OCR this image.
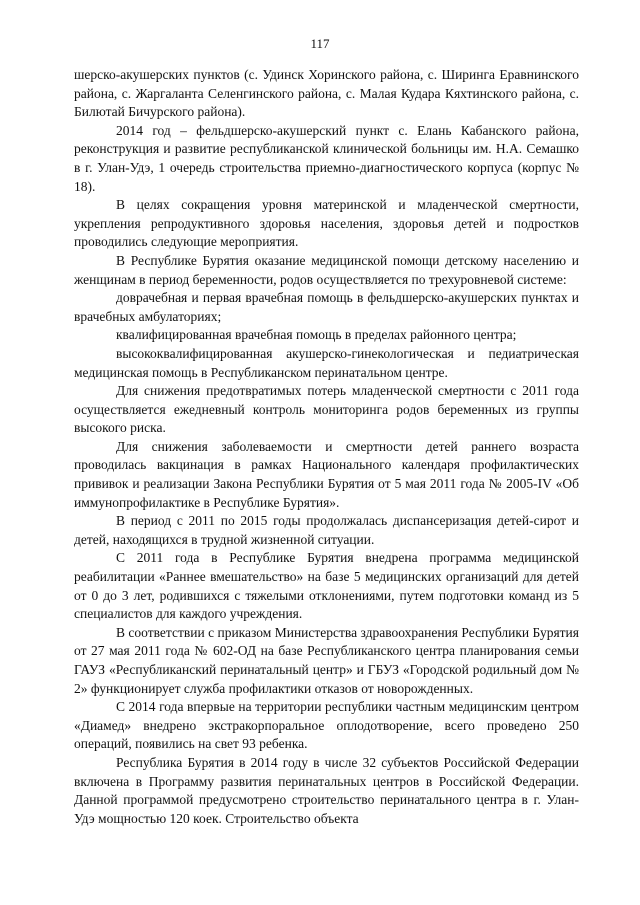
117

шерско-акушерских пунктов (с. Удинск Хоринского района, с. Ширинга Еравнинского района, с. Жаргаланта Селенгинского района, с. Малая Кудара Кяхтинского района, с. Билютай Бичурского района).

2014 год – фельдшерско-акушерский пункт с. Елань Кабанского района, реконструкция и развитие республиканской клинической больницы им. Н.А. Семашко в г. Улан-Удэ, 1 очередь строительства приемно-диагностического корпуса (корпус № 18).

В целях сокращения уровня материнской и младенческой смертности, укрепления репродуктивного здоровья населения, здоровья детей и подростков проводились следующие мероприятия.

В Республике Бурятия оказание медицинской помощи детскому населению и женщинам в период беременности, родов осуществляется по трехуровневой системе:

доврачебная и первая врачебная помощь в фельдшерско-акушерских пунктах и врачебных амбулаториях;

квалифицированная врачебная помощь в пределах районного центра;

высококвалифицированная акушерско-гинекологическая и педиатрическая медицинская помощь в Республиканском перинатальном центре.

Для снижения предотвратимых потерь младенческой смертности с 2011 года осуществляется ежедневный контроль мониторинга родов беременных из группы высокого риска.

Для снижения заболеваемости и смертности детей раннего возраста проводилась вакцинация в рамках Национального календаря профилактических прививок и реализации Закона Республики Бурятия от 5 мая 2011 года № 2005-IV «Об иммунопрофилактике в Республике Бурятия».

В период с 2011 по 2015 годы продолжалась диспансеризация детей-сирот и детей, находящихся в трудной жизненной ситуации.

С 2011 года в Республике Бурятия внедрена программа медицинской реабилитации «Раннее вмешательство» на базе 5 медицинских организаций для детей от 0 до 3 лет, родившихся с тяжелыми отклонениями, путем подготовки команд из 5 специалистов для каждого учреждения.

В соответствии с приказом Министерства здравоохранения Республики Бурятия от 27 мая 2011 года № 602-ОД на базе Республиканского центра планирования семьи ГАУЗ «Республиканский перинатальный центр» и ГБУЗ «Городской родильный дом № 2» функционирует служба профилактики отказов от новорожденных.

С 2014 года впервые на территории республики частным медицинским центром «Диамед» внедрено экстракорпоральное оплодотворение, всего проведено 250 операций, появились на свет 93 ребенка.

Республика Бурятия в 2014 году в числе 32 субъектов Российской Федерации включена в Программу развития перинатальных центров в Российской Федерации. Данной программой предусмотрено строительство перинатального центра в г. Улан-Удэ мощностью 120 коек. Строительство объекта
